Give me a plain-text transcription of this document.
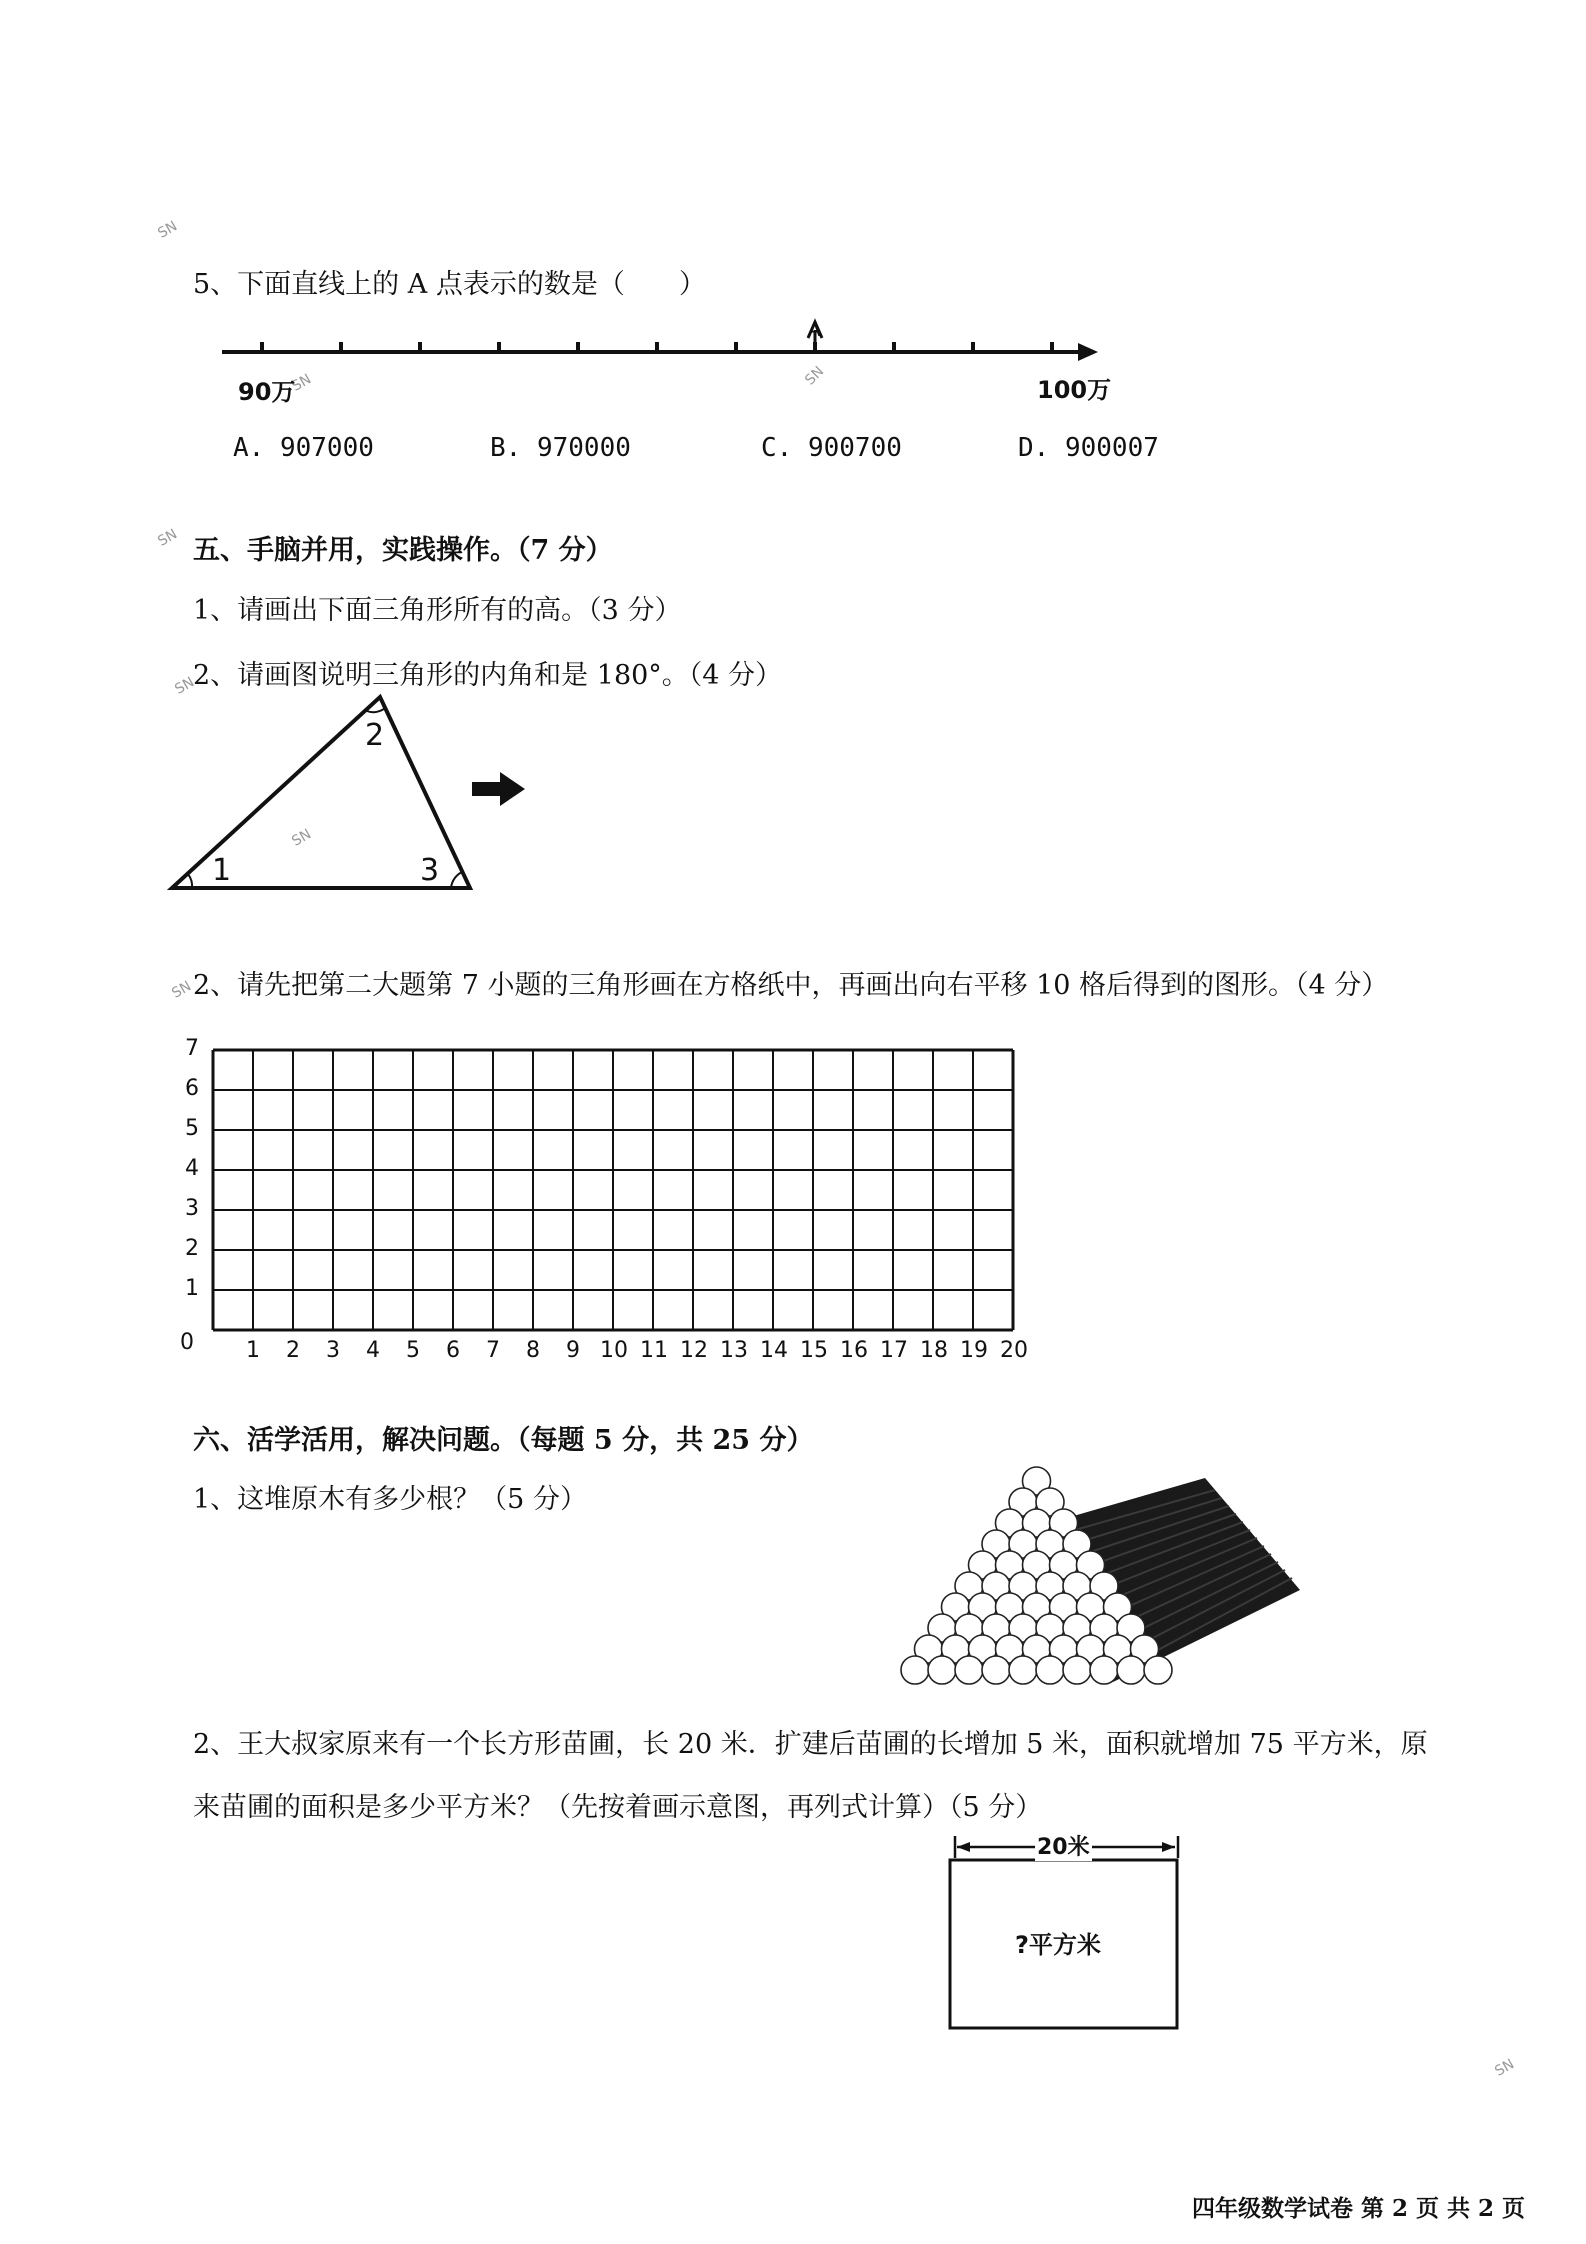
SN
SN	SN
SN
SN
SN
SN
SN
5、下面直线上的 A 点表示的数是（　　）
90万	100万
A
A. 907000	B. 970000	C. 900700	D. 900007
五、手脑并用，实践操作。（7 分）
1、请画出下面三角形所有的高。（3 分）
2、请画图说明三角形的内角和是 180°。（4 分）
1
2
3
2、请先把第二大题第 7 小题的三角形画在方格纸中，再画出向右平移 10 格后得到的图形。（4 分）
1 2 3 4 5 6 7 8 9 10 11 12 13 14 15 16 17 18 19 20
0
1
2
3
4
5
6
7
六、活学活用，解决问题。（每题 5 分，共 25 分）
1、这堆原木有多少根？（5 分）
2、王大叔家原来有一个长方形苗圃，长 20 米．扩建后苗圃的长增加 5 米，面积就增加 75 平方米，原
来苗圃的面积是多少平方米？（先按着画示意图，再列式计算）（5 分）
20米
?平方米
四年级数学试卷 第 2 页 共 2 页
